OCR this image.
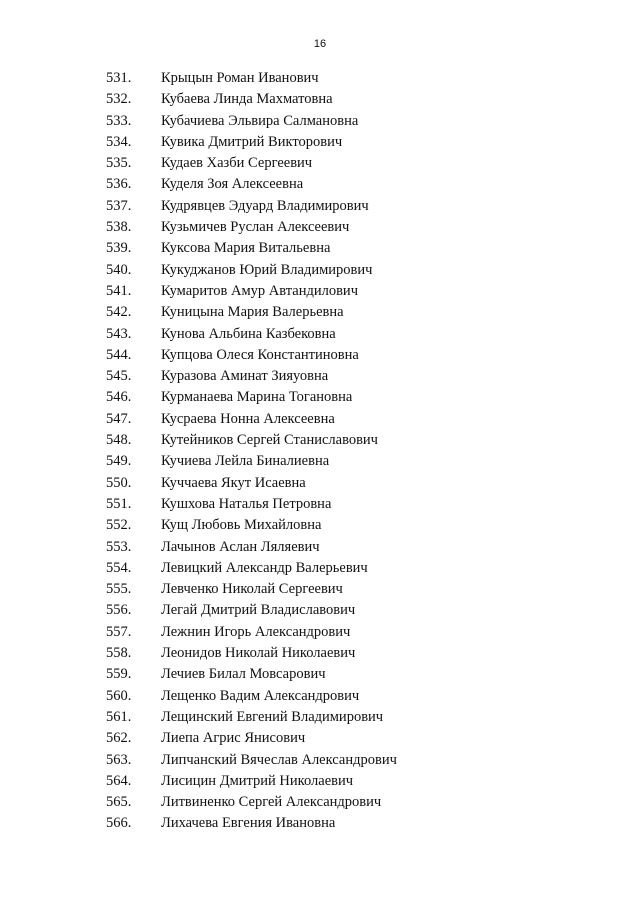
16
531. Крыцын Роман Иванович
532. Кубаева Линда Махматовна
533. Кубачиева Эльвира Салмановна
534. Кувика Дмитрий Викторович
535. Кудаев Хазби Сергеевич
536. Куделя Зоя Алексеевна
537. Кудрявцев Эдуард Владимирович
538. Кузьмичев Руслан Алексеевич
539. Куксова Мария Витальевна
540. Кукуджанов Юрий Владимирович
541. Кумаритов Амур Автандилович
542. Куницына Мария Валерьевна
543. Кунова Альбина Казбековна
544. Купцова Олеся Константиновна
545. Куразова Аминат Зияуовна
546. Курманаева Марина Тогановна
547. Кусраева Нонна Алексеевна
548. Кутейников Сергей Станиславович
549. Кучиева Лейла Биналиевна
550. Куччаева Якут Исаевна
551. Кушхова Наталья Петровна
552. Кущ Любовь Михайловна
553. Лачынов Аслан Ляляевич
554. Левицкий Александр Валерьевич
555. Левченко Николай Сергеевич
556. Легай Дмитрий Владиславович
557. Лежнин Игорь Александрович
558. Леонидов Николай Николаевич
559. Лечиев Билал Мовсарович
560. Лещенко Вадим Александрович
561. Лещинский Евгений Владимирович
562. Лиепа Агрис Янисович
563. Липчанский Вячеслав Александрович
564. Лисицин Дмитрий Николаевич
565. Литвиненко Сергей Александрович
566. Лихачева Евгения Ивановна
